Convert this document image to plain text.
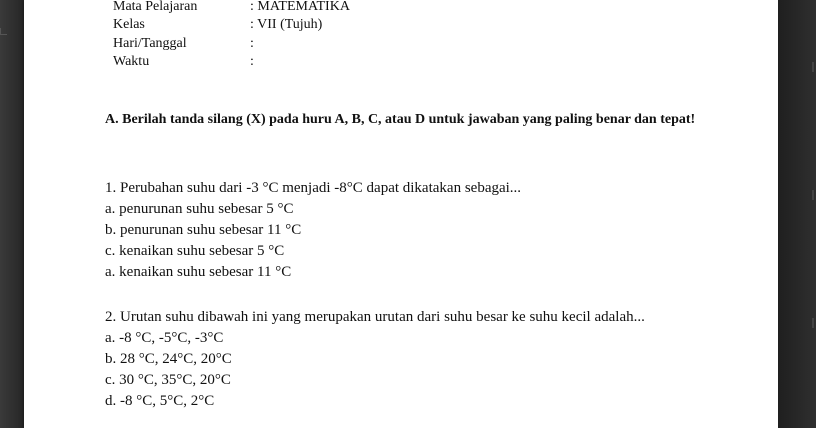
Mata Pelajaran	: MATEMATIKA
Kelas	: VII (Tujuh)
Hari/Tanggal	:
Waktu	:
A. Berilah tanda silang (X) pada huru A, B, C, atau D untuk jawaban yang paling benar dan tepat!
1. Perubahan suhu dari -3 °C menjadi -8°C dapat dikatakan sebagai...
a. penurunan suhu sebesar 5 °C
b. penurunan suhu sebesar 11 °C
c. kenaikan suhu sebesar 5 °C
a. kenaikan suhu sebesar 11 °C
2. Urutan suhu dibawah ini yang merupakan urutan dari suhu besar ke suhu kecil adalah...
a. -8 °C, -5°C, -3°C
b. 28 °C, 24°C, 20°C
c. 30 °C, 35°C, 20°C
d. -8 °C, 5°C, 2°C
